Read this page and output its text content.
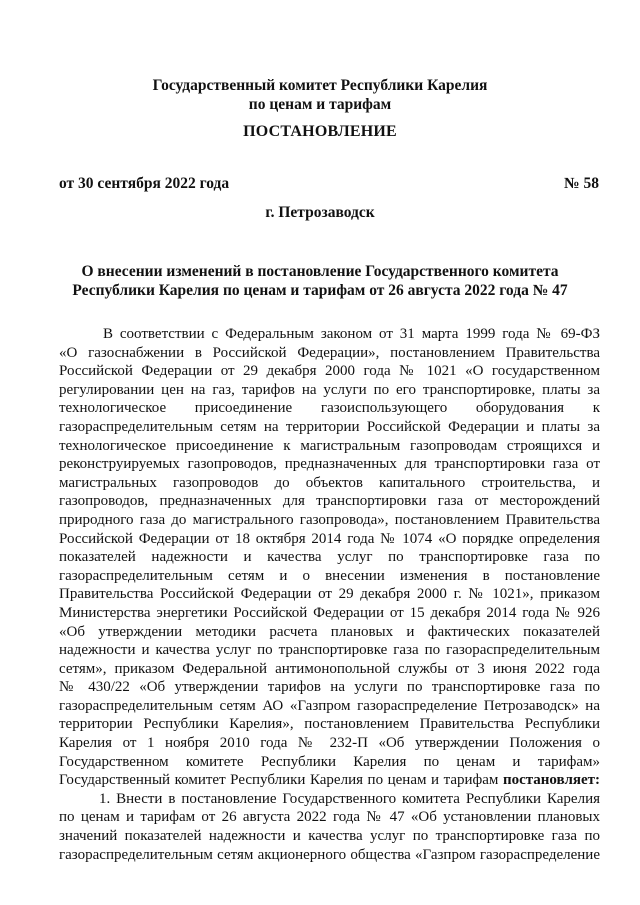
Государственный комитет Республики Карелия
по ценам и тарифам
ПОСТАНОВЛЕНИЕ
от 30 сентября 2022 года	№ 58
г. Петрозаводск
О внесении изменений в постановление Государственного комитета
Республики Карелия по ценам и тарифам от 26 августа 2022 года № 47
В соответствии с Федеральным законом от 31 марта 1999 года № 69-ФЗ
«О газоснабжении в Российской Федерации», постановлением Правительства
Российской Федерации от 29 декабря 2000 года № 1021 «О государственном
регулировании цен на газ, тарифов на услуги по его транспортировке, платы за
технологическое присоединение газоиспользующего оборудования к
газораспределительным сетям на территории Российской Федерации и платы за
технологическое присоединение к магистральным газопроводам строящихся и
реконструируемых газопроводов, предназначенных для транспортировки газа от
магистральных газопроводов до объектов капитального строительства, и
газопроводов, предназначенных для транспортировки газа от месторождений
природного газа до магистрального газопровода», постановлением Правительства
Российской Федерации от 18 октября 2014 года № 1074 «О порядке определения
показателей надежности и качества услуг по транспортировке газа по
газораспределительным сетям и о внесении изменения в постановление
Правительства Российской Федерации от 29 декабря 2000 г. № 1021», приказом
Министерства энергетики Российской Федерации от 15 декабря 2014 года № 926
«Об утверждении методики расчета плановых и фактических показателей
надежности и качества услуг по транспортировке газа по газораспределительным
сетям», приказом Федеральной антимонопольной службы от 3 июня 2022 года
№ 430/22 «Об утверждении тарифов на услуги по транспортировке газа по
газораспределительным сетям АО «Газпром газораспределение Петрозаводск» на
территории Республики Карелия», постановлением Правительства Республики
Карелия от 1 ноября 2010 года № 232-П «Об утверждении Положения о
Государственном комитете Республики Карелия по ценам и тарифам»
Государственный комитет Республики Карелия по ценам и тарифам постановляет:
1. Внести в постановление Государственного комитета Республики Карелия
по ценам и тарифам от 26 августа 2022 года № 47 «Об установлении плановых
значений показателей надежности и качества услуг по транспортировке газа по
газораспределительным сетям акционерного общества «Газпром газораспределение
